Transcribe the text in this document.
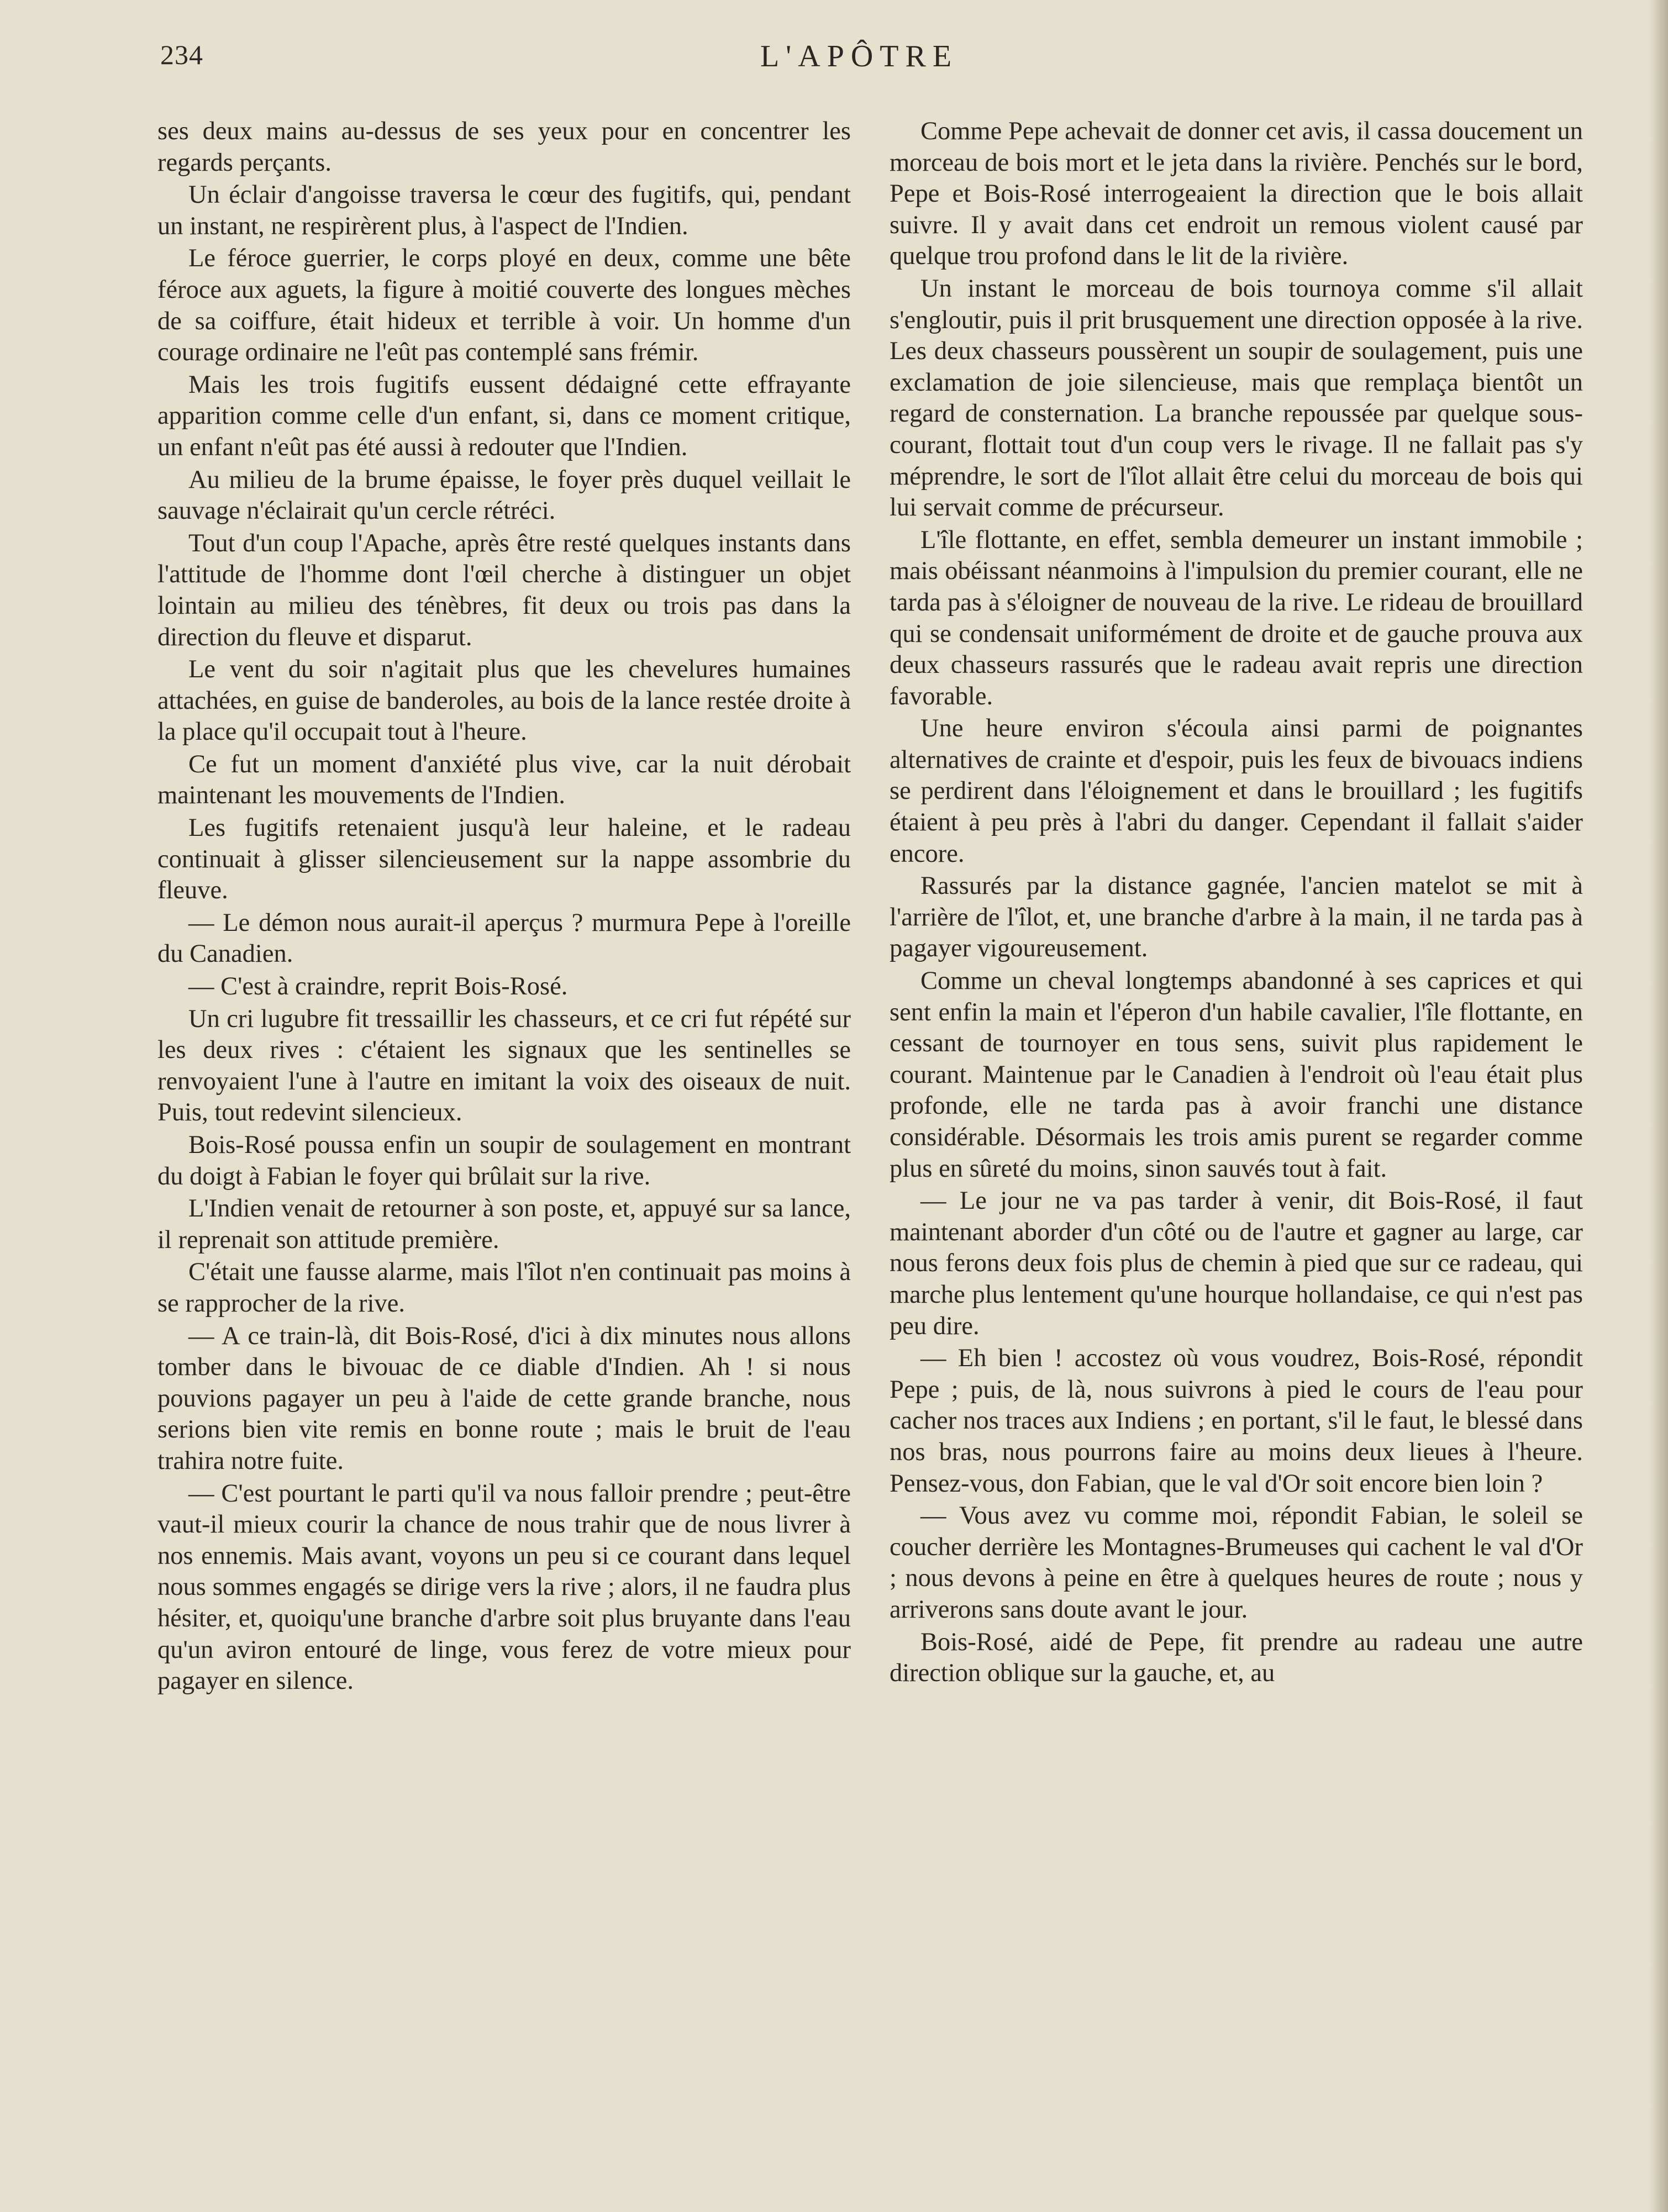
234	L'APÔTRE

ses deux mains au-dessus de ses yeux pour en concentrer les regards perçants.

Un éclair d'angoisse traversa le cœur des fugitifs, qui, pendant un instant, ne respirèrent plus, à l'aspect de l'Indien.

Le féroce guerrier, le corps ployé en deux, comme une bête féroce aux aguets, la figure à moitié couverte des longues mèches de sa coiffure, était hideux et terrible à voir. Un homme d'un courage ordinaire ne l'eût pas contemplé sans frémir.

Mais les trois fugitifs eussent dédaigné cette effrayante apparition comme celle d'un enfant, si, dans ce moment critique, un enfant n'eût pas été aussi à redouter que l'Indien.

Au milieu de la brume épaisse, le foyer près duquel veillait le sauvage n'éclairait qu'un cercle rétréci.

Tout d'un coup l'Apache, après être resté quelques instants dans l'attitude de l'homme dont l'œil cherche à distinguer un objet lointain au milieu des ténèbres, fit deux ou trois pas dans la direction du fleuve et disparut.

Le vent du soir n'agitait plus que les chevelures humaines attachées, en guise de banderoles, au bois de la lance restée droite à la place qu'il occupait tout à l'heure.

Ce fut un moment d'anxiété plus vive, car la nuit dérobait maintenant les mouvements de l'Indien.

Les fugitifs retenaient jusqu'à leur haleine, et le radeau continuait à glisser silencieusement sur la nappe assombrie du fleuve.

— Le démon nous aurait-il aperçus ? murmura Pepe à l'oreille du Canadien.

— C'est à craindre, reprit Bois-Rosé.

Un cri lugubre fit tressaillir les chasseurs, et ce cri fut répété sur les deux rives : c'étaient les signaux que les sentinelles se renvoyaient l'une à l'autre en imitant la voix des oiseaux de nuit. Puis, tout redevint silencieux.

Bois-Rosé poussa enfin un soupir de soulagement en montrant du doigt à Fabian le foyer qui brûlait sur la rive.

L'Indien venait de retourner à son poste, et, appuyé sur sa lance, il reprenait son attitude première.

C'était une fausse alarme, mais l'îlot n'en continuait pas moins à se rapprocher de la rive.

— A ce train-là, dit Bois-Rosé, d'ici à dix minutes nous allons tomber dans le bivouac de ce diable d'Indien. Ah ! si nous pouvions pagayer un peu à l'aide de cette grande branche, nous serions bien vite remis en bonne route ; mais le bruit de l'eau trahira notre fuite.

— C'est pourtant le parti qu'il va nous falloir prendre ; peut-être vaut-il mieux courir la chance de nous trahir que de nous livrer à nos ennemis. Mais avant, voyons un peu si ce courant dans lequel nous sommes engagés se dirige vers la rive ; alors, il ne faudra plus hésiter, et, quoiqu'une branche d'arbre soit plus bruyante dans l'eau qu'un aviron entouré de linge, vous ferez de votre mieux pour pagayer en silence.

Comme Pepe achevait de donner cet avis, il cassa doucement un morceau de bois mort et le jeta dans la rivière. Penchés sur le bord, Pepe et Bois-Rosé interrogeaient la direction que le bois allait suivre. Il y avait dans cet endroit un remous violent causé par quelque trou profond dans le lit de la rivière.

Un instant le morceau de bois tournoya comme s'il allait s'engloutir, puis il prit brusquement une direction opposée à la rive. Les deux chasseurs poussèrent un soupir de soulagement, puis une exclamation de joie silencieuse, mais que remplaça bientôt un regard de consternation. La branche repoussée par quelque sous-courant, flottait tout d'un coup vers le rivage. Il ne fallait pas s'y méprendre, le sort de l'îlot allait être celui du morceau de bois qui lui servait comme de précurseur.

L'île flottante, en effet, sembla demeurer un instant immobile ; mais obéissant néanmoins à l'impulsion du premier courant, elle ne tarda pas à s'éloigner de nouveau de la rive. Le rideau de brouillard qui se condensait uniformément de droite et de gauche prouva aux deux chasseurs rassurés que le radeau avait repris une direction favorable.

Une heure environ s'écoula ainsi parmi de poignantes alternatives de crainte et d'espoir, puis les feux de bivouacs indiens se perdirent dans l'éloignement et dans le brouillard ; les fugitifs étaient à peu près à l'abri du danger. Cependant il fallait s'aider encore.

Rassurés par la distance gagnée, l'ancien matelot se mit à l'arrière de l'îlot, et, une branche d'arbre à la main, il ne tarda pas à pagayer vigoureusement.

Comme un cheval longtemps abandonné à ses caprices et qui sent enfin la main et l'éperon d'un habile cavalier, l'île flottante, en cessant de tournoyer en tous sens, suivit plus rapidement le courant. Maintenue par le Canadien à l'endroit où l'eau était plus profonde, elle ne tarda pas à avoir franchi une distance considérable. Désormais les trois amis purent se regarder comme plus en sûreté du moins, sinon sauvés tout à fait.

— Le jour ne va pas tarder à venir, dit Bois-Rosé, il faut maintenant aborder d'un côté ou de l'autre et gagner au large, car nous ferons deux fois plus de chemin à pied que sur ce radeau, qui marche plus lentement qu'une hourque hollandaise, ce qui n'est pas peu dire.

— Eh bien ! accostez où vous voudrez, Bois-Rosé, répondit Pepe ; puis, de là, nous suivrons à pied le cours de l'eau pour cacher nos traces aux Indiens ; en portant, s'il le faut, le blessé dans nos bras, nous pourrons faire au moins deux lieues à l'heure. Pensez-vous, don Fabian, que le val d'Or soit encore bien loin ?

— Vous avez vu comme moi, répondit Fabian, le soleil se coucher derrière les Montagnes-Brumeuses qui cachent le val d'Or ; nous devons à peine en être à quelques heures de route ; nous y arriverons sans doute avant le jour.

Bois-Rosé, aidé de Pepe, fit prendre au radeau une autre direction oblique sur la gauche, et, au
